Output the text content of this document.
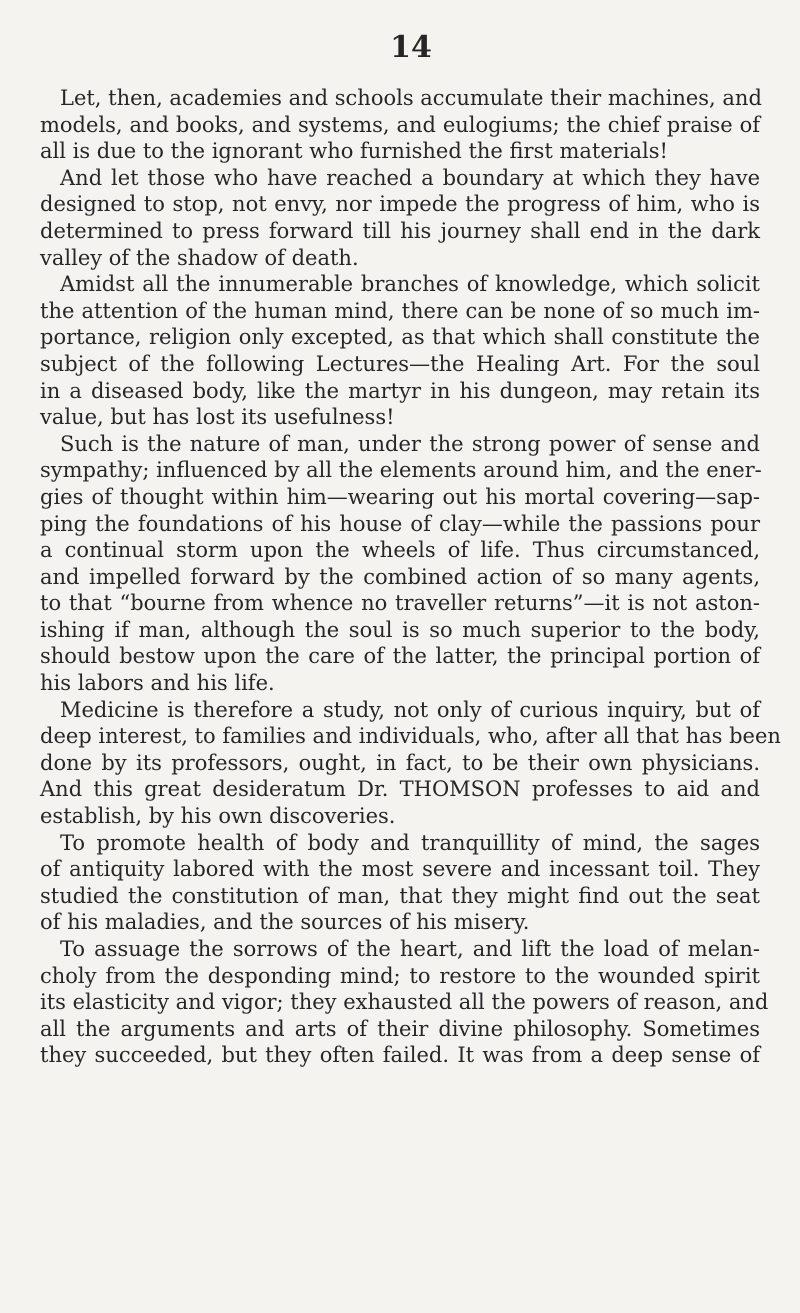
14
Let, then, academies and schools accumulate their machines, and
models, and books, and systems, and eulogiums; the chief praise of
all is due to the ignorant who furnished the first materials!
And let those who have reached a boundary at which they have
designed to stop, not envy, nor impede the progress of him, who is
determined to press forward till his journey shall end in the dark
valley of the shadow of death.
Amidst all the innumerable branches of knowledge, which solicit
the attention of the human mind, there can be none of so much im-
portance, religion only excepted, as that which shall constitute the
subject of the following Lectures—the Healing Art. For the soul
in a diseased body, like the martyr in his dungeon, may retain its
value, but has lost its usefulness!
Such is the nature of man, under the strong power of sense and
sympathy; influenced by all the elements around him, and the ener-
gies of thought within him—wearing out his mortal covering—sap-
ping the foundations of his house of clay—while the passions pour
a continual storm upon the wheels of life. Thus circumstanced,
and impelled forward by the combined action of so many agents,
to that “bourne from whence no traveller returns”—it is not aston-
ishing if man, although the soul is so much superior to the body,
should bestow upon the care of the latter, the principal portion of
his labors and his life.
Medicine is therefore a study, not only of curious inquiry, but of
deep interest, to families and individuals, who, after all that has been
done by its professors, ought, in fact, to be their own physicians.
And this great desideratum Dr. THOMSON professes to aid and
establish, by his own discoveries.
To promote health of body and tranquillity of mind, the sages
of antiquity labored with the most severe and incessant toil. They
studied the constitution of man, that they might find out the seat
of his maladies, and the sources of his misery.
To assuage the sorrows of the heart, and lift the load of melan-
choly from the desponding mind; to restore to the wounded spirit
its elasticity and vigor; they exhausted all the powers of reason, and
all the arguments and arts of their divine philosophy. Sometimes
they succeeded, but they often failed. It was from a deep sense of
